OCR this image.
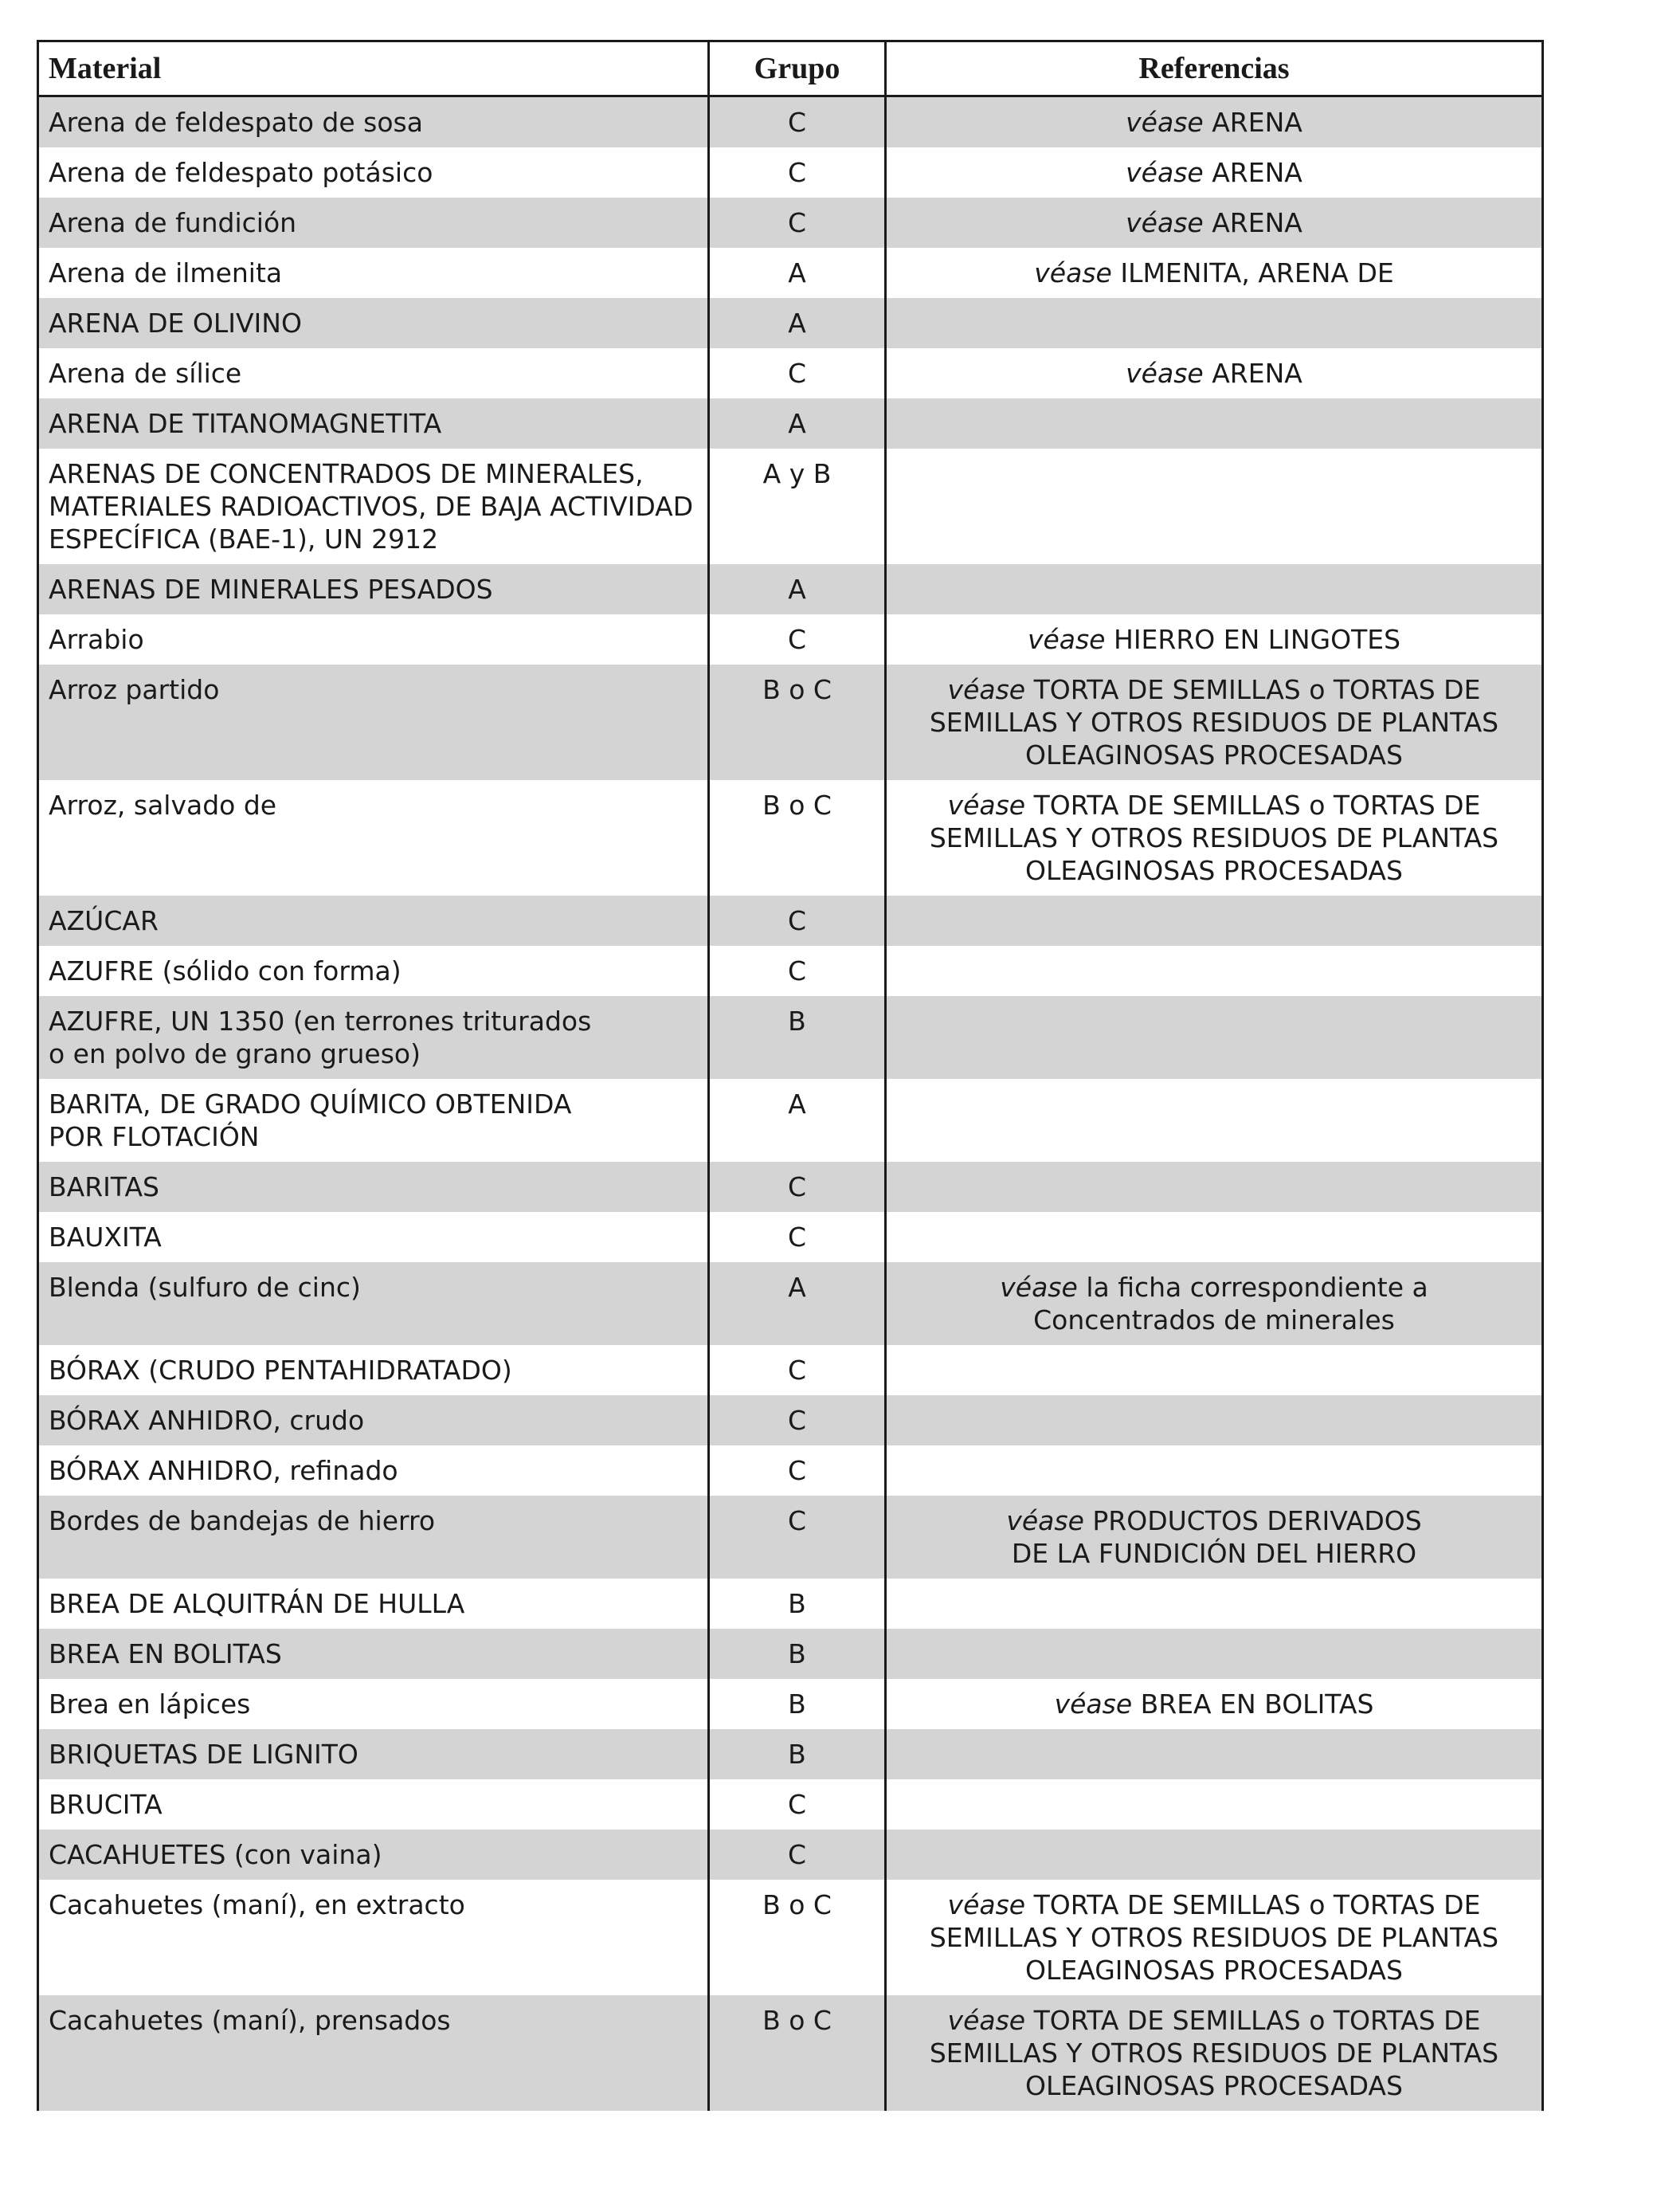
Material	Grupo	Referencias
Arena de feldespato de sosa	C	véase ARENA
Arena de feldespato potásico	C	véase ARENA
Arena de fundición	C	véase ARENA
Arena de ilmenita	A	véase ILMENITA, ARENA DE
ARENA DE OLIVINO	A	
Arena de sílice	C	véase ARENA
ARENA DE TITANOMAGNETITA	A	
ARENAS DE CONCENTRADOS DE MINERALES,
MATERIALES RADIOACTIVOS, DE BAJA ACTIVIDAD
ESPECÍFICA (BAE-1), UN 2912	A y B	
ARENAS DE MINERALES PESADOS	A	
Arrabio	C	véase HIERRO EN LINGOTES
Arroz partido	B o C	véase TORTA DE SEMILLAS o TORTAS DE
SEMILLAS Y OTROS RESIDUOS DE PLANTAS
OLEAGINOSAS PROCESADAS
Arroz, salvado de	B o C	véase TORTA DE SEMILLAS o TORTAS DE
SEMILLAS Y OTROS RESIDUOS DE PLANTAS
OLEAGINOSAS PROCESADAS
AZÚCAR	C	
AZUFRE (sólido con forma)	C	
AZUFRE, UN 1350 (en terrones triturados
o en polvo de grano grueso)	B	
BARITA, DE GRADO QUÍMICO OBTENIDA
POR FLOTACIÓN	A	
BARITAS	C	
BAUXITA	C	
Blenda (sulfuro de cinc)	A	véase la ficha correspondiente a
Concentrados de minerales
BÓRAX (CRUDO PENTAHIDRATADO)	C	
BÓRAX ANHIDRO, crudo	C	
BÓRAX ANHIDRO, refinado	C	
Bordes de bandejas de hierro	C	véase PRODUCTOS DERIVADOS
DE LA FUNDICIÓN DEL HIERRO
BREA DE ALQUITRÁN DE HULLA	B	
BREA EN BOLITAS	B	
Brea en lápices	B	véase BREA EN BOLITAS
BRIQUETAS DE LIGNITO	B	
BRUCITA	C	
CACAHUETES (con vaina)	C	
Cacahuetes (maní), en extracto	B o C	véase TORTA DE SEMILLAS o TORTAS DE
SEMILLAS Y OTROS RESIDUOS DE PLANTAS
OLEAGINOSAS PROCESADAS
Cacahuetes (maní), prensados	B o C	véase TORTA DE SEMILLAS o TORTAS DE
SEMILLAS Y OTROS RESIDUOS DE PLANTAS
OLEAGINOSAS PROCESADAS
